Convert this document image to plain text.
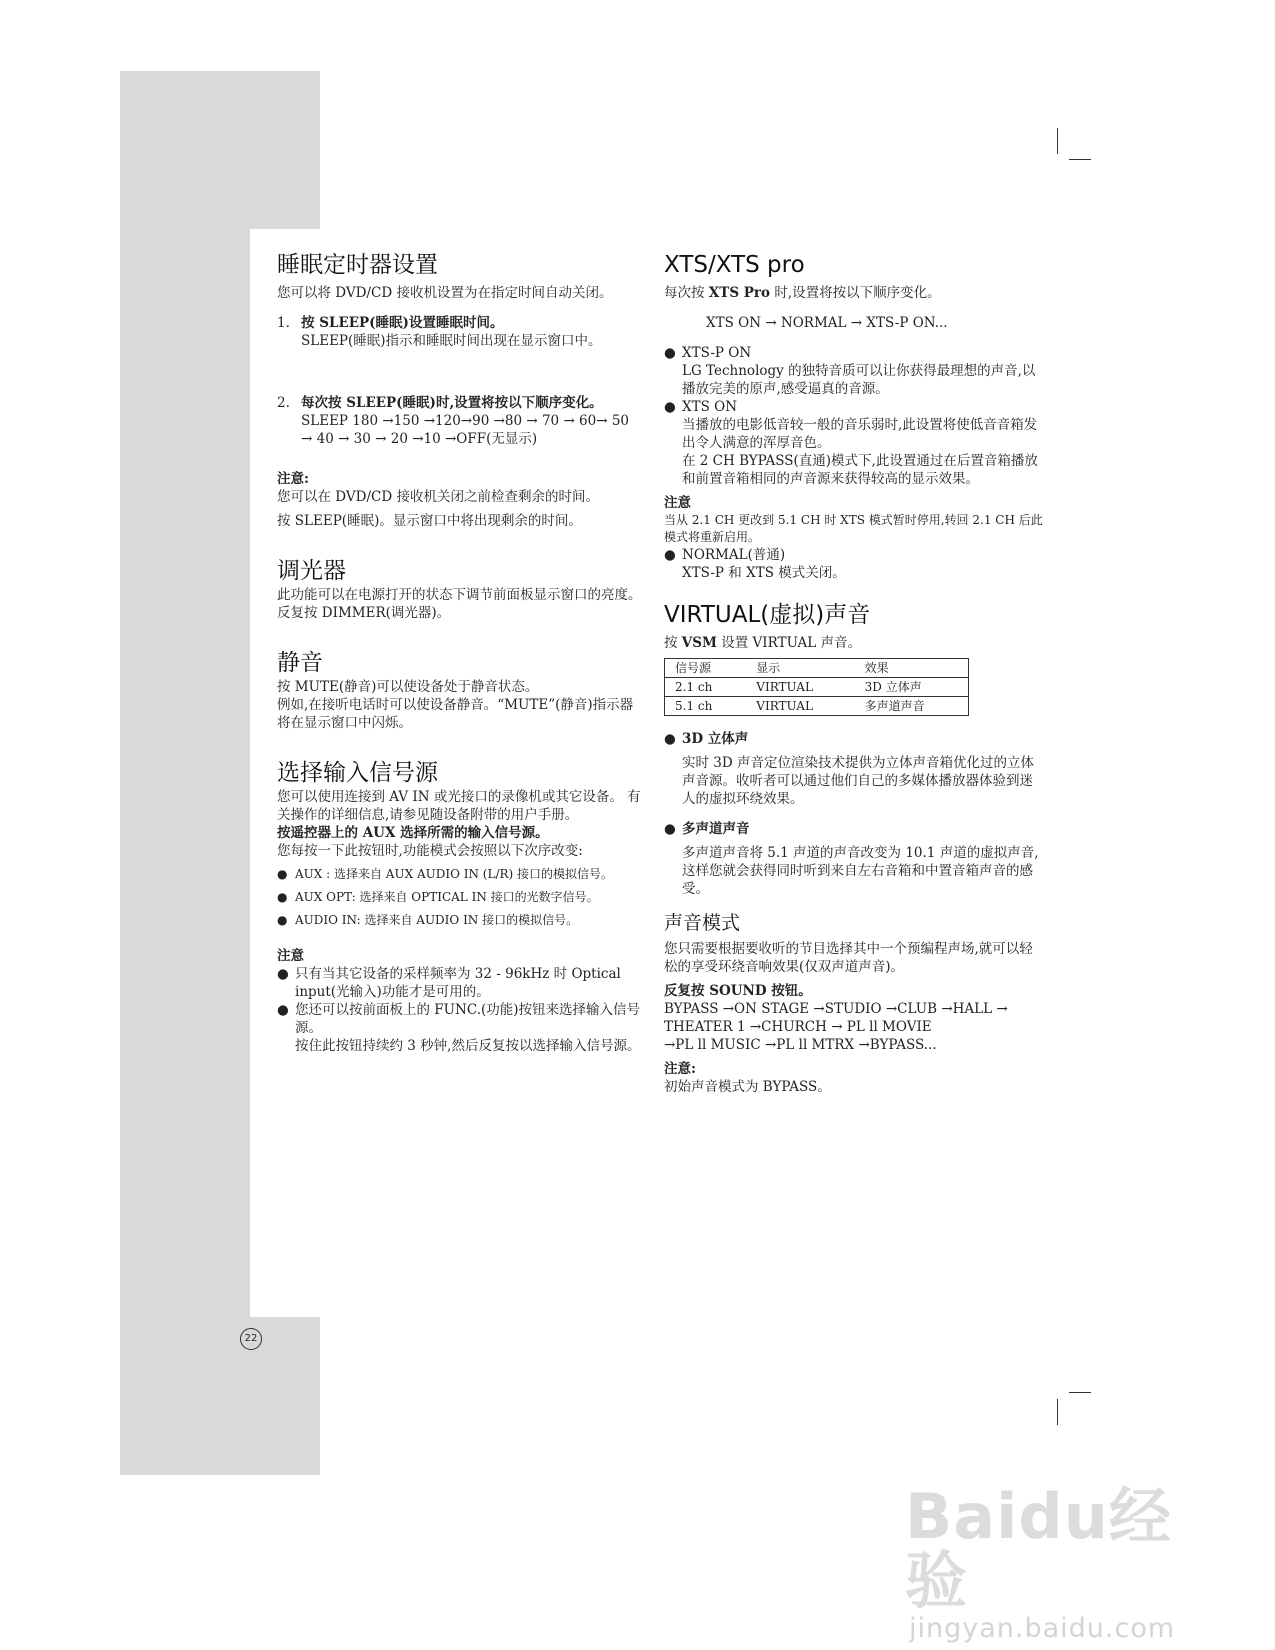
22
睡眠定时器设置

您可以将 DVD/CD 接收机设置为在指定时间自动关闭。

1. 按 SLEEP(睡眠)设置睡眠时间。

SLEEP(睡眠)指示和睡眠时间出现在显示窗口中。

2. 每次按 SLEEP(睡眠)时,设置将按以下顺序变化。

SLEEP 180 →150 →120→90 →80 → 70 → 60→ 50

→ 40 → 30 → 20 →10 →OFF(无显示)

注意:

您可以在 DVD/CD 接收机关闭之前检查剩余的时间。

按 SLEEP(睡眠)。显示窗口中将出现剩余的时间。

调光器

此功能可以在电源打开的状态下调节前面板显示窗口的亮度。

反复按 DIMMER(调光器)。

静音

按 MUTE(静音)可以使设备处于静音状态。

例如,在接听电话时可以使设备静音。“MUTE”(静音)指示器将在显示窗口中闪烁。

选择输入信号源

您可以使用连接到 AV IN 或光接口的录像机或其它设备。 有关操作的详细信息,请参见随设备附带的用户手册。

按遥控器上的 AUX 选择所需的输入信号源。

您每按一下此按钮时,功能模式会按照以下次序改变:

● AUX : 选择来自 AUX AUDIO IN (L/R) 接口的模拟信号。
● AUX OPT: 选择来自 OPTICAL IN 接口的光数字信号。
● AUDIO IN: 选择来自 AUDIO IN 接口的模拟信号。

注意

● 只有当其它设备的采样频率为 32 - 96kHz 时 Optical input(光输入)功能才是可用的。
● 您还可以按前面板上的 FUNC.(功能)按钮来选择输入信号源。

按住此按钮持续约 3 秒钟,然后反复按以选择输入信号源。

XTS/XTS pro

每次按 XTS Pro 时,设置将按以下顺序变化。

XTS ON → NORMAL → XTS-P ON...

● XTS-P ON

LG Technology 的独特音质可以让你获得最理想的声音,以播放完美的原声,感受逼真的音源。

● XTS ON

当播放的电影低音较一般的音乐弱时,此设置将使低音音箱发出令人满意的浑厚音色。

在 2 CH BYPASS(直通)模式下,此设置通过在后置音箱播放和前置音箱相同的声音源来获得较高的显示效果。

注意

当从 2.1 CH 更改到 5.1 CH 时 XTS 模式暂时停用,转回 2.1 CH 后此模式将重新启用。

● NORMAL(普通)

XTS-P 和 XTS 模式关闭。

VIRTUAL(虚拟)声音

按 VSM 设置 VIRTUAL 声音。

信号源	显示	效果
2.1 ch	VIRTUAL	3D 立体声
5.1 ch	VIRTUAL	多声道声音
● 3D 立体声

实时 3D 声音定位渲染技术提供为立体声音箱优化过的立体声音源。收听者可以通过他们自己的多媒体播放器体验到迷人的虚拟环绕效果。

● 多声道声音

多声道声音将 5.1 声道的声音改变为 10.1 声道的虚拟声音,这样您就会获得同时听到来自左右音箱和中置音箱声音的感受。

声音模式

您只需要根据要收听的节目选择其中一个预编程声场,就可以轻松的享受环绕音响效果(仅双声道声音)。

反复按 SOUND 按钮。

BYPASS →ON STAGE →STUDIO →CLUB →HALL →

THEATER 1 →CHURCH → PL ll MOVIE

→PL ll MUSIC →PL ll MTRX →BYPASS...

注意:

初始声音模式为 BYPASS。

Baidu经验
jingyan.baidu.com
